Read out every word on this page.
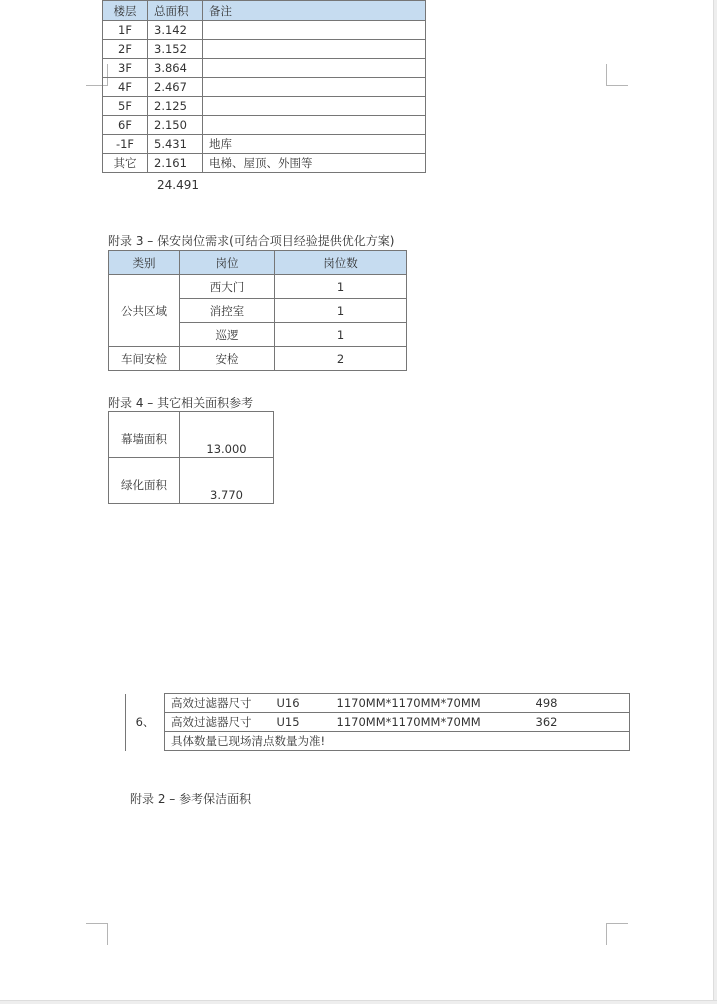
楼层	总面积	备注
1F	3.142	
2F	3.152	
3F	3.864	
4F	2.467	
5F	2.125	
6F	2.150	
-1F	5.431	地库
其它	2.161	电梯、屋顶、外围等
24.491
附录 3 – 保安岗位需求(可结合项目经验提供优化方案)
类别	岗位	岗位数
公共区域	西大门	1
	消控室	1
	巡逻	1
车间安检	安检	2
附录 4 – 其它相关面积参考
幕墙面积	13.000
绿化面积	3.770
6、	高效过滤器尺寸	U16	1170MM*1170MM*70MM	498
	高效过滤器尺寸	U15	1170MM*1170MM*70MM	362
	具体数量已现场清点数量为准!			
附录 2 – 参考保洁面积
